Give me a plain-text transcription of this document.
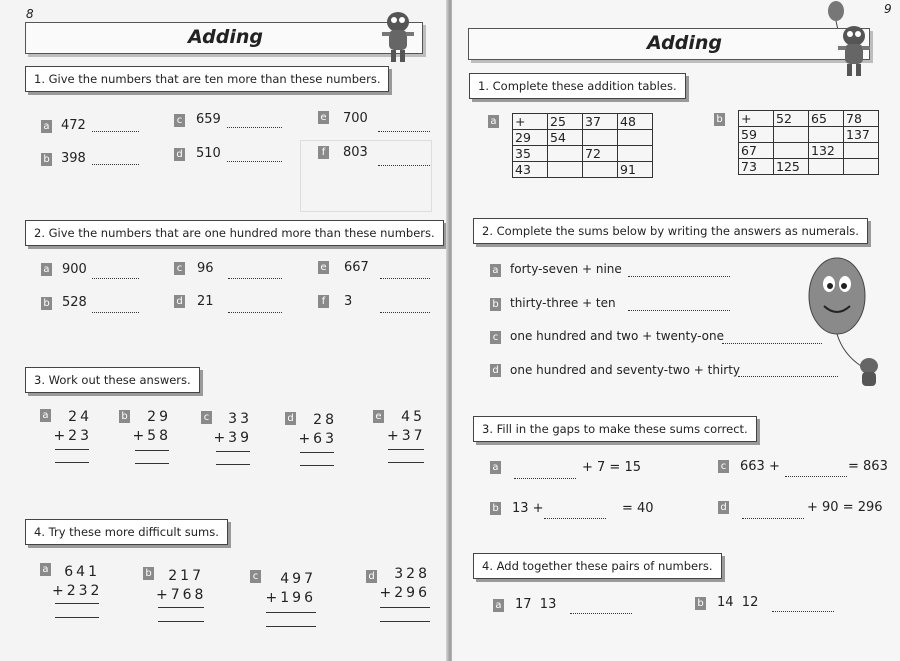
8
Adding
1. Give the numbers that are ten more than these numbers.
a 472
b 398
c 659
d 510
e 700
f 803
2. Give the numbers that are one hundred more than these numbers.
a 900
b 528
c 96
d 21
e 667
f 3
3. Work out these answers.
a	24
+23
b	29
+58
c	33
+39
d	28
+63
e	45
+37
4. Try these more difficult sums.
a	641
+232
b	217
+768
c	497
+196
d	328
+296
9
Adding
1. Complete these addition tables.
a +	25	37	48
29	54		
35		72	
43			91
b +	52	65	78
59			137
67		132	
73	125		
2. Complete the sums below by writing the answers as numerals.
a forty-seven + nine
b thirty-three + ten
c one hundred and two + twenty-one
d one hundred and seventy-two + thirty
3. Fill in the gaps to make these sums correct.
a	+ 7 = 15	c 663 +	= 863
b 13 +	= 40	d	+ 90 = 296
4. Add together these pairs of numbers.
a 17  13	b 14  12
